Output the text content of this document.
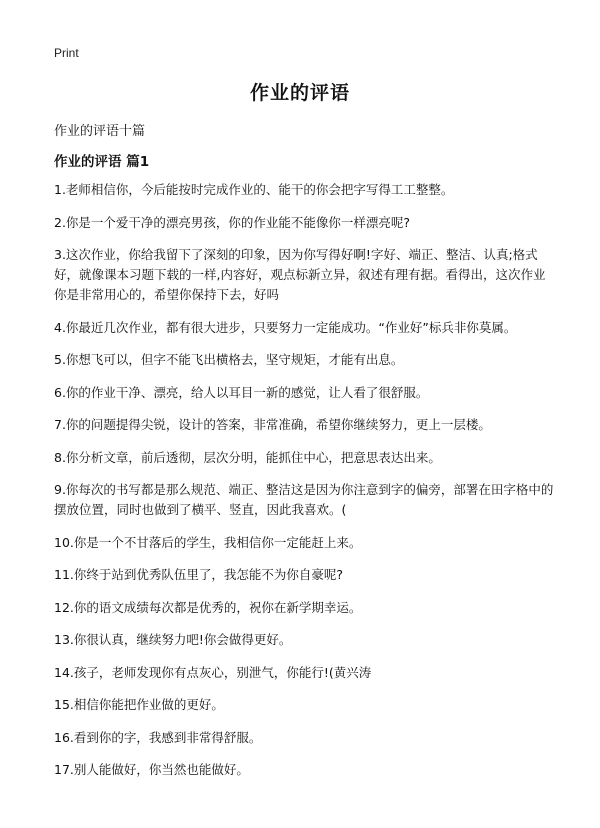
Print
作业的评语
作业的评语十篇
作业的评语 篇1
1.老师相信你，今后能按时完成作业的、能干的你会把字写得工工整整。
2.你是一个爱干净的漂亮男孩，你的作业能不能像你一样漂亮呢?
3.这次作业，你给我留下了深刻的印象，因为你写得好啊!字好、端正、整洁、认真;格式好，就像课本习题下载的一样,内容好，观点标新立异，叙述有理有据。看得出，这次作业你是非常用心的，希望你保持下去，好吗
4.你最近几次作业，都有很大进步，只要努力一定能成功。“作业好”标兵非你莫属。
5.你想飞可以，但字不能飞出横格去，坚守规矩，才能有出息。
6.你的作业干净、漂亮，给人以耳目一新的感觉，让人看了很舒服。
7.你的问题提得尖锐，设计的答案，非常准确，希望你继续努力，更上一层楼。
8.你分析文章，前后透彻，层次分明，能抓住中心，把意思表达出来。
9.你每次的书写都是那么规范、端正、整洁这是因为你注意到字的偏旁，部署在田字格中的摆放位置，同时也做到了横平、竖直，因此我喜欢。(
10.你是一个不甘落后的学生，我相信你一定能赶上来。
11.你终于站到优秀队伍里了，我怎能不为你自豪呢?
12.你的语文成绩每次都是优秀的，祝你在新学期幸运。
13.你很认真，继续努力吧!你会做得更好。
14.孩子，老师发现你有点灰心，别泄气，你能行!(黄兴涛
15.相信你能把作业做的更好。
16.看到你的字，我感到非常得舒服。
17.别人能做好，你当然也能做好。
